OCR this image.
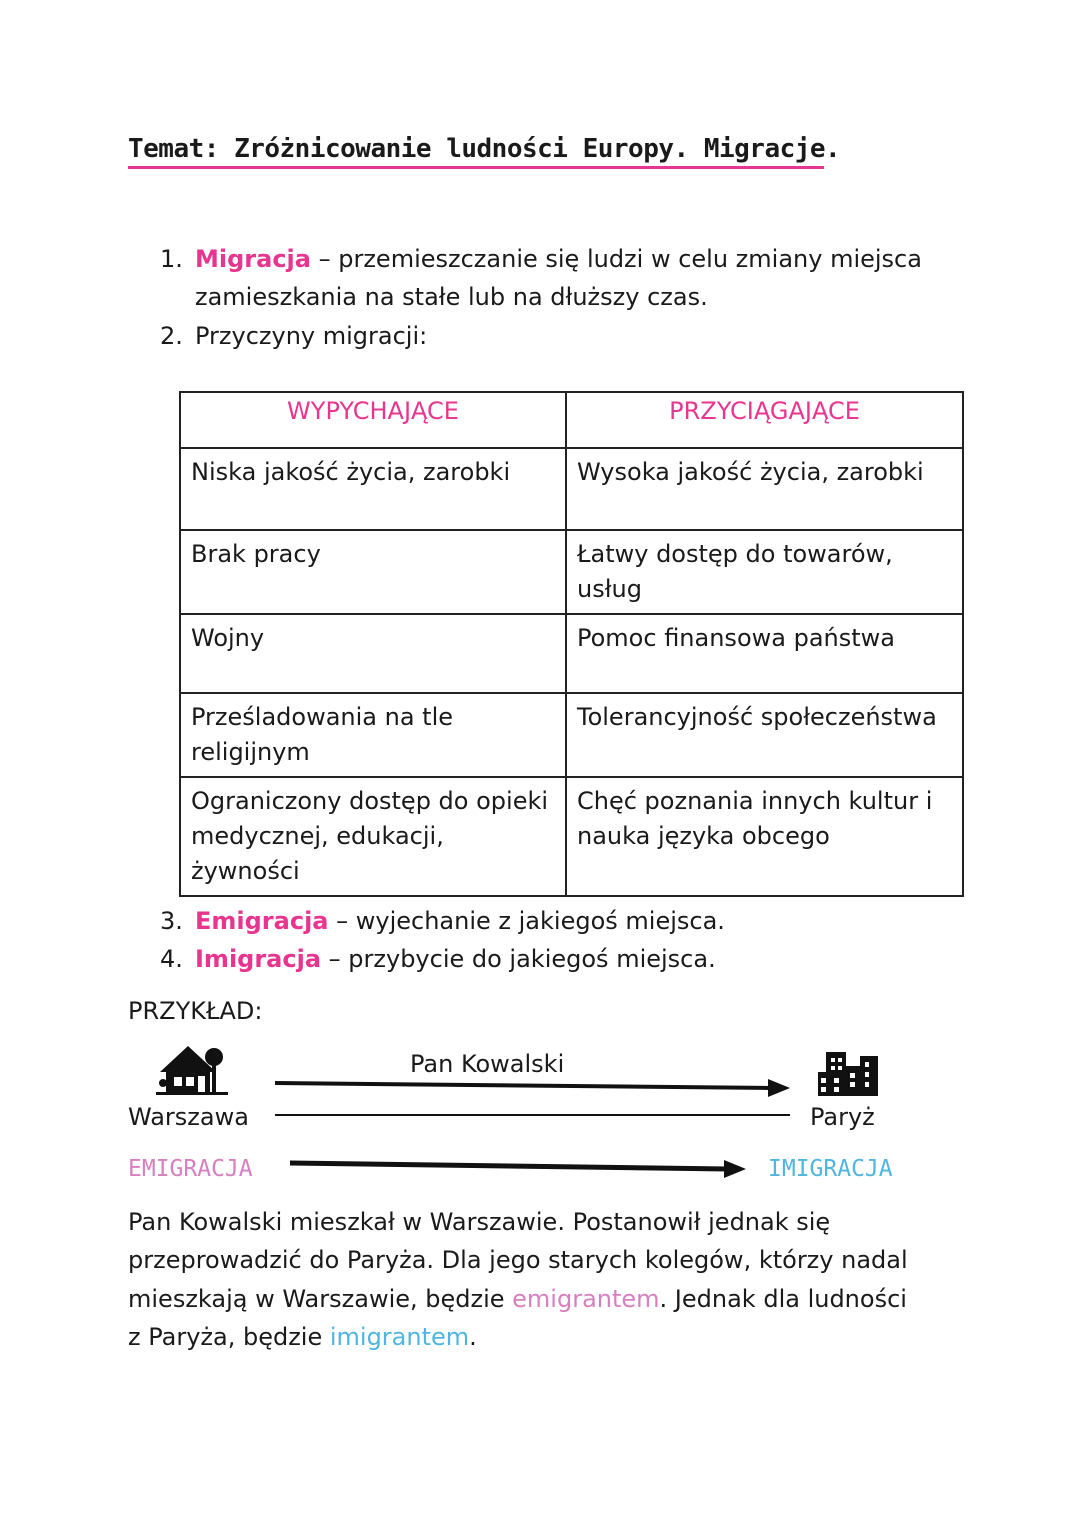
Temat: Zróżnicowanie ludności Europy. Migracje.
1. Migracja – przemieszczanie się ludzi w celu zmiany miejsca
zamieszkania na stałe lub na dłuższy czas.
2. Przyczyny migracji:
WYPYCHAJĄCE	PRZYCIĄGAJĄCE
Niska jakość życia, zarobki	Wysoka jakość życia, zarobki
Brak pracy	Łatwy dostęp do towarów, usług
Wojny	Pomoc finansowa państwa
Prześladowania na tle religijnym	Tolerancyjność społeczeństwa
Ograniczony dostęp do opieki medycznej, edukacji, żywności	Chęć poznania innych kultur i nauka języka obcego
3. Emigracja – wyjechanie z jakiegoś miejsca.
4. Imigracja – przybycie do jakiegoś miejsca.
PRZYKŁAD:
Pan Kowalski
Warszawa	Paryż
EMIGRACJA	IMIGRACJA
Pan Kowalski mieszkał w Warszawie. Postanowił jednak się
przeprowadzić do Paryża. Dla jego starych kolegów, którzy nadal
mieszkają w Warszawie, będzie emigrantem. Jednak dla ludności
z Paryża, będzie imigrantem.
